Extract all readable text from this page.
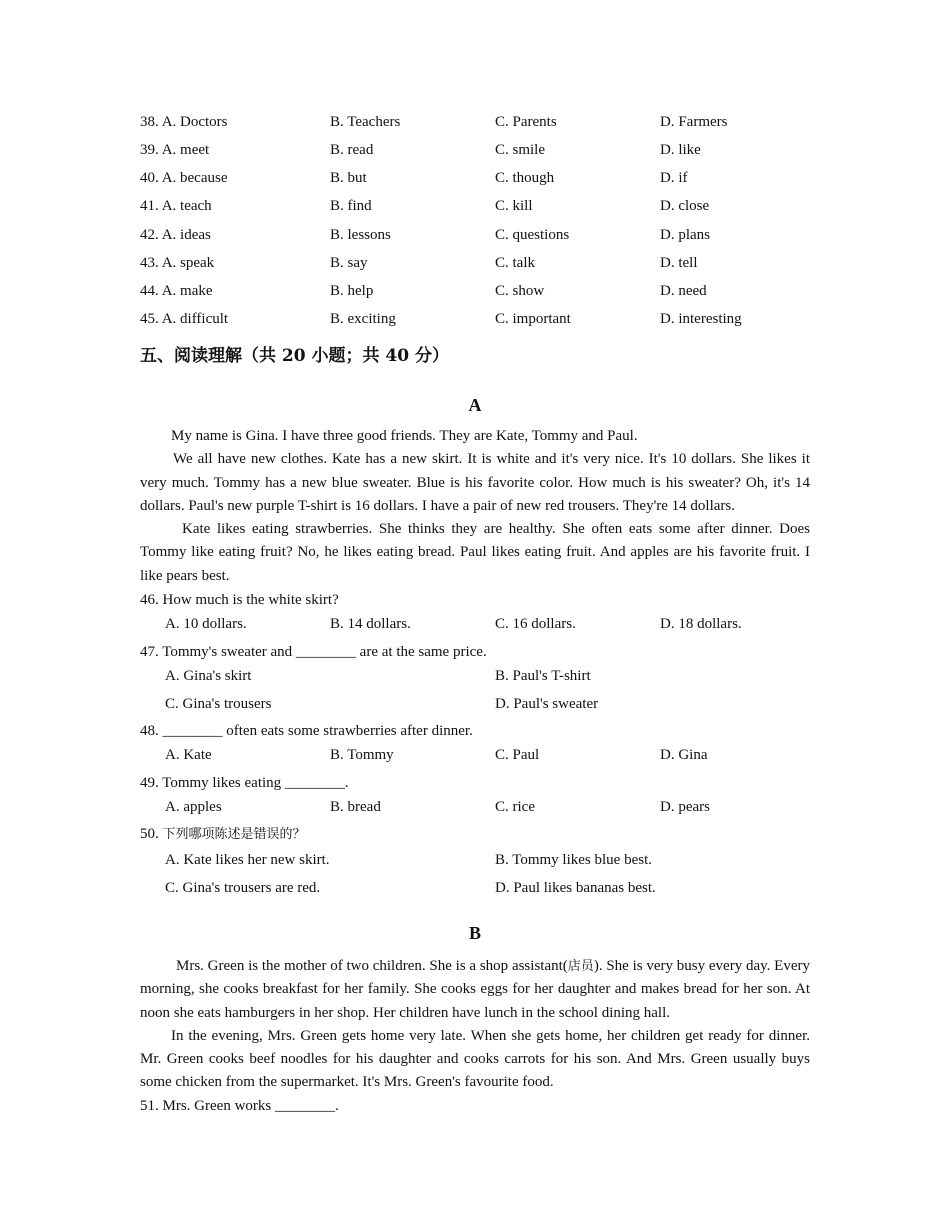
38. A. Doctors	B. Teachers	C. Parents	D. Farmers
39. A. meet	B. read	C. smile	D. like
40. A. because	B. but	C. though	D. if
41. A. teach	B. find	C. kill	D. close
42. A. ideas	B. lessons	C. questions	D. plans
43. A. speak	B. say	C. talk	D. tell
44. A. make	B. help	C. show	D. need
45. A. difficult	B. exciting	C. important	D. interesting
五、阅读理解（共 20 小题；共 40 分）
A

My name is Gina. I have three good friends. They are Kate, Tommy and Paul.

We all have new clothes. Kate has a new skirt. It is white and it's very nice. It's 10 dollars. She likes it very much. Tommy has a new blue sweater. Blue is his favorite color. How much is his sweater? Oh, it's 14 dollars. Paul's new purple T-shirt is 16 dollars. I have a pair of new red trousers. They're 14 dollars.

Kate likes eating strawberries. She thinks they are healthy. She often eats some after dinner. Does Tommy like eating fruit? No, he likes eating bread. Paul likes eating fruit. And apples are his favorite fruit. I like pears best.

46. How much is the white skirt?
A. 10 dollars.	B. 14 dollars.	C. 16 dollars.	D. 18 dollars.
47. Tommy's sweater and ________ are at the same price.
A. Gina's skirt	B. Paul's T-shirt
C. Gina's trousers	D. Paul's sweater
48. ________ often eats some strawberries after dinner.
A. Kate	B. Tommy	C. Paul	D. Gina
49. Tommy likes eating ________.
A. apples	B. bread	C. rice	D. pears
50. 下列哪项陈述是错误的？
A. Kate likes her new skirt.	B. Tommy likes blue best.
C. Gina's trousers are red.	D. Paul likes bananas best.
B

Mrs. Green is the mother of two children. She is a shop assistant(店员). She is very busy every day. Every morning, she cooks breakfast for her family. She cooks eggs for her daughter and makes bread for her son. At noon she eats hamburgers in her shop. Her children have lunch in the school dining hall.

In the evening, Mrs. Green gets home very late. When she gets home, her children get ready for dinner. Mr. Green cooks beef noodles for his daughter and cooks carrots for his son. And Mrs. Green usually buys some chicken from the supermarket. It's Mrs. Green's favourite food.

51. Mrs. Green works ________.
